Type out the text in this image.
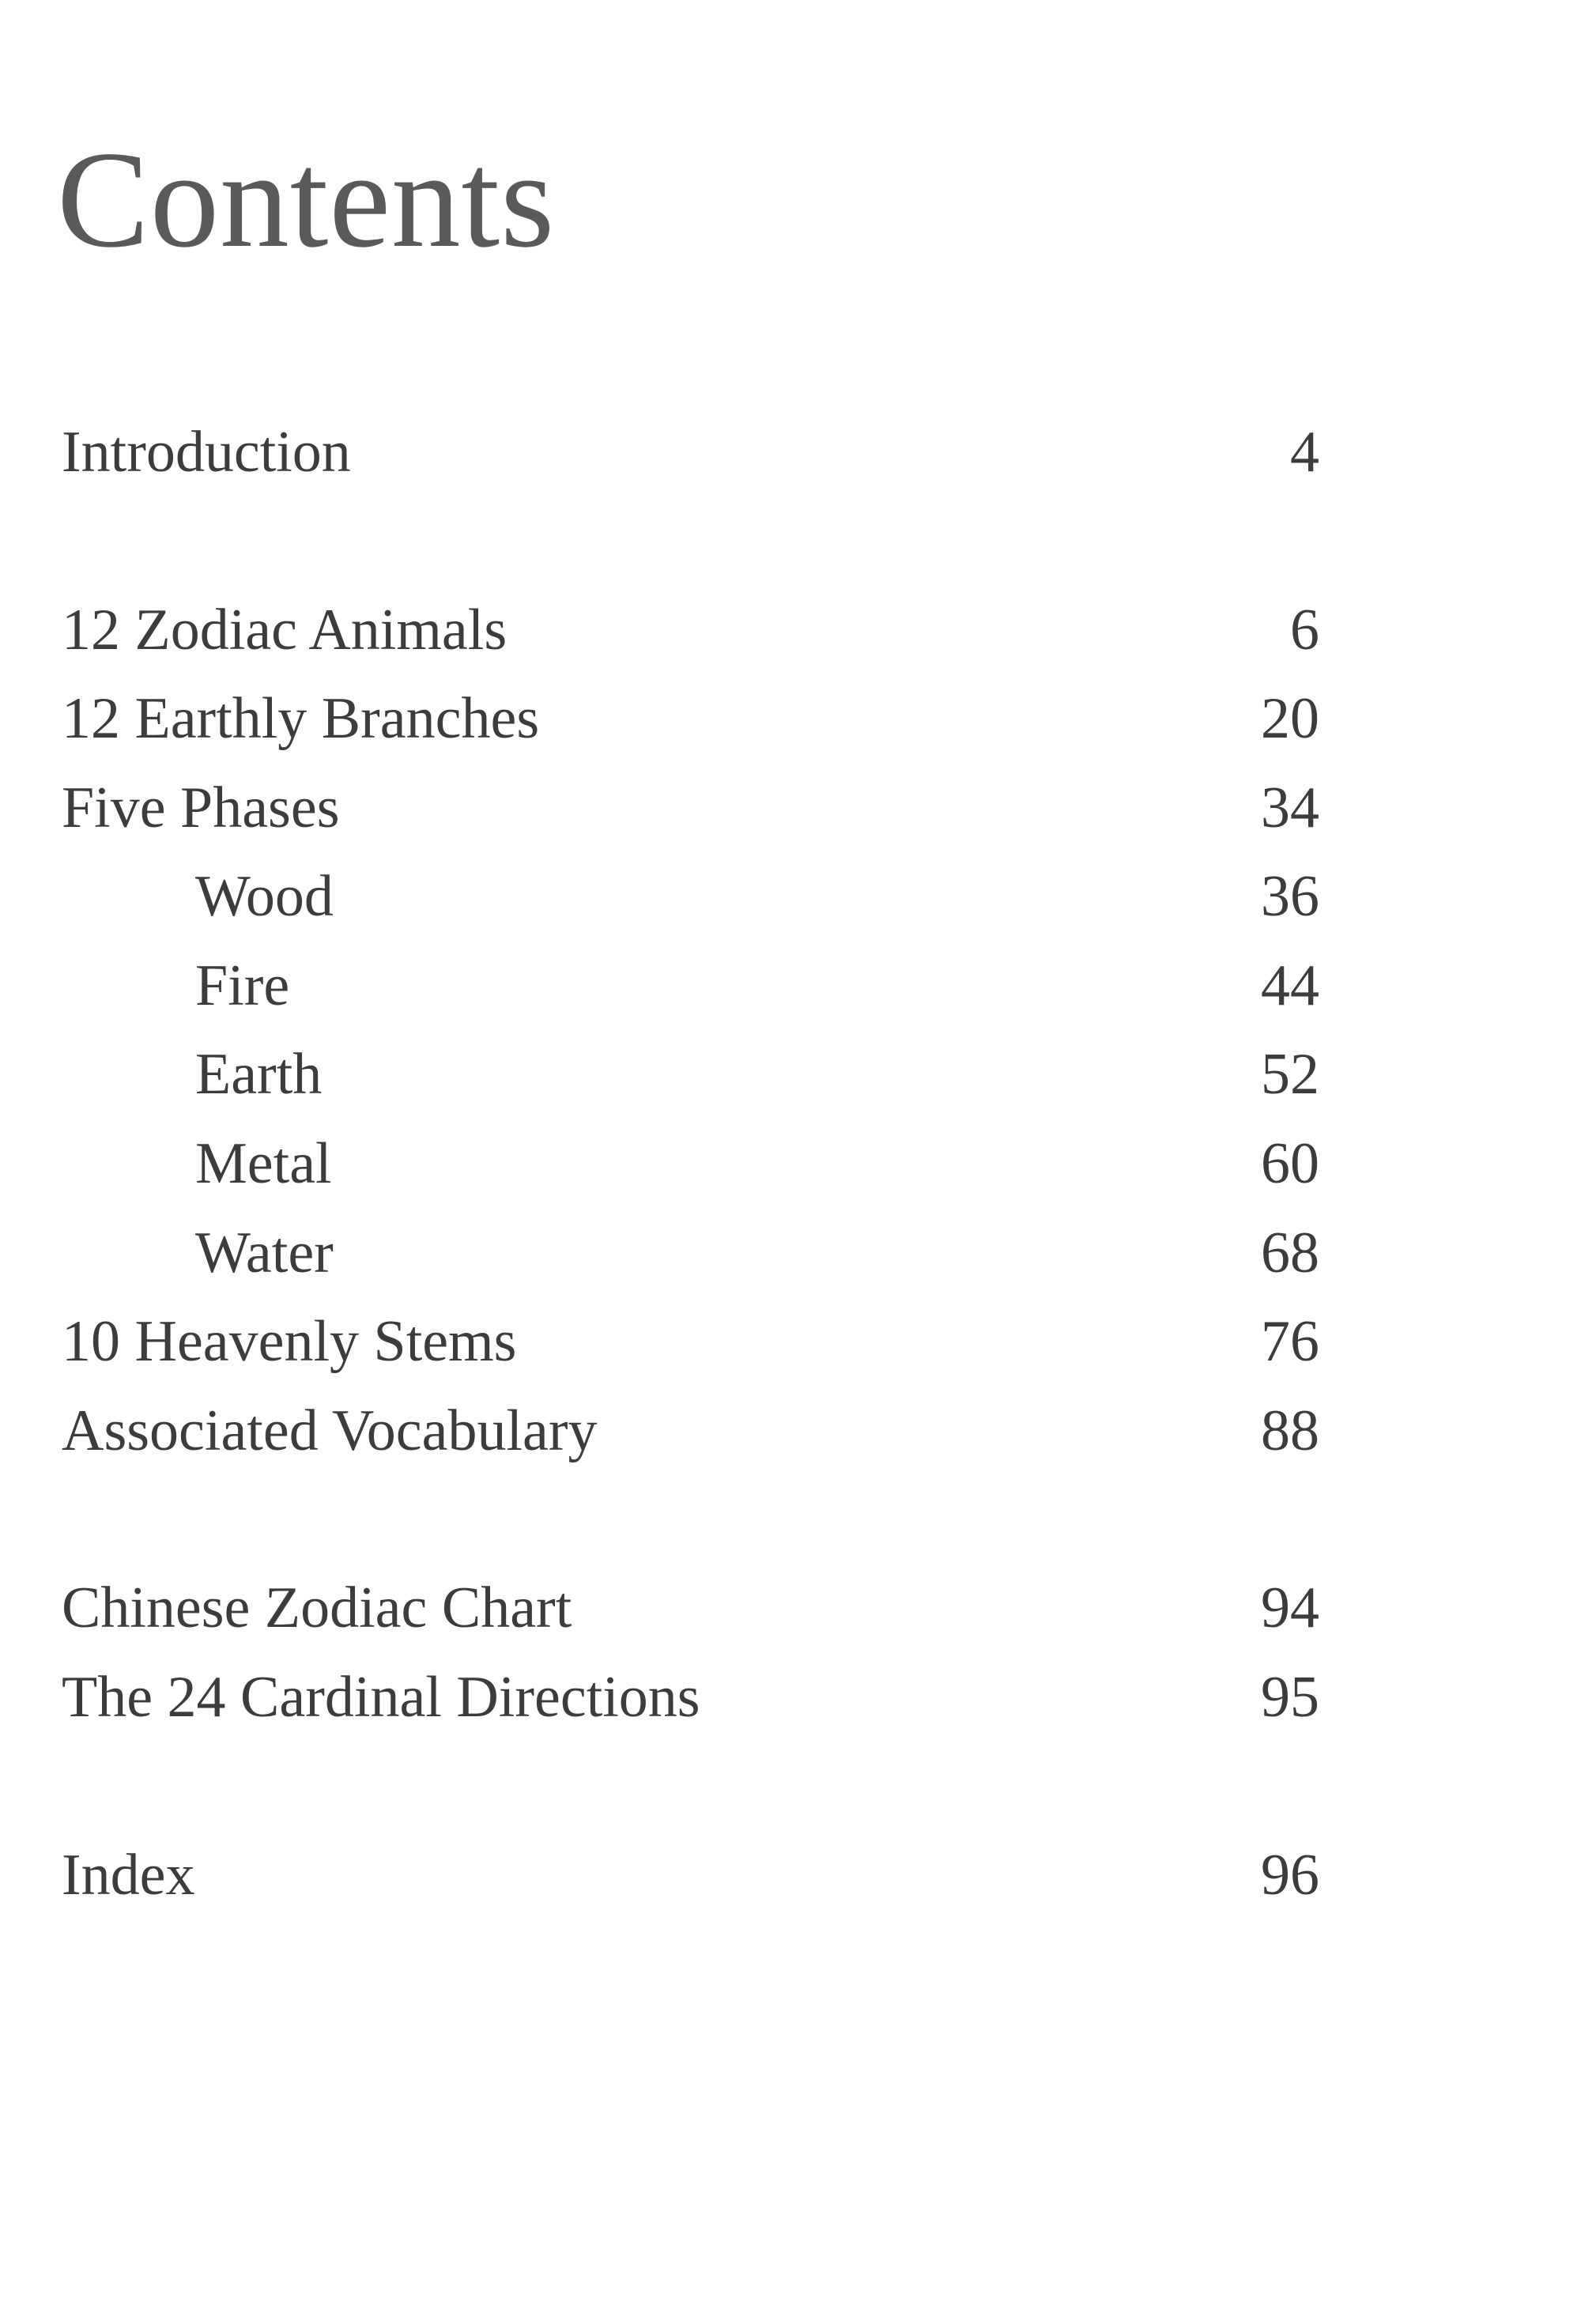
Contents
Introduction	4
12 Zodiac Animals	6
12 Earthly Branches	20
Five Phases	34
Wood	36
Fire	44
Earth	52
Metal	60
Water	68
10 Heavenly Stems	76
Associated Vocabulary	88
Chinese Zodiac Chart	94
The 24 Cardinal Directions	95
Index	96
